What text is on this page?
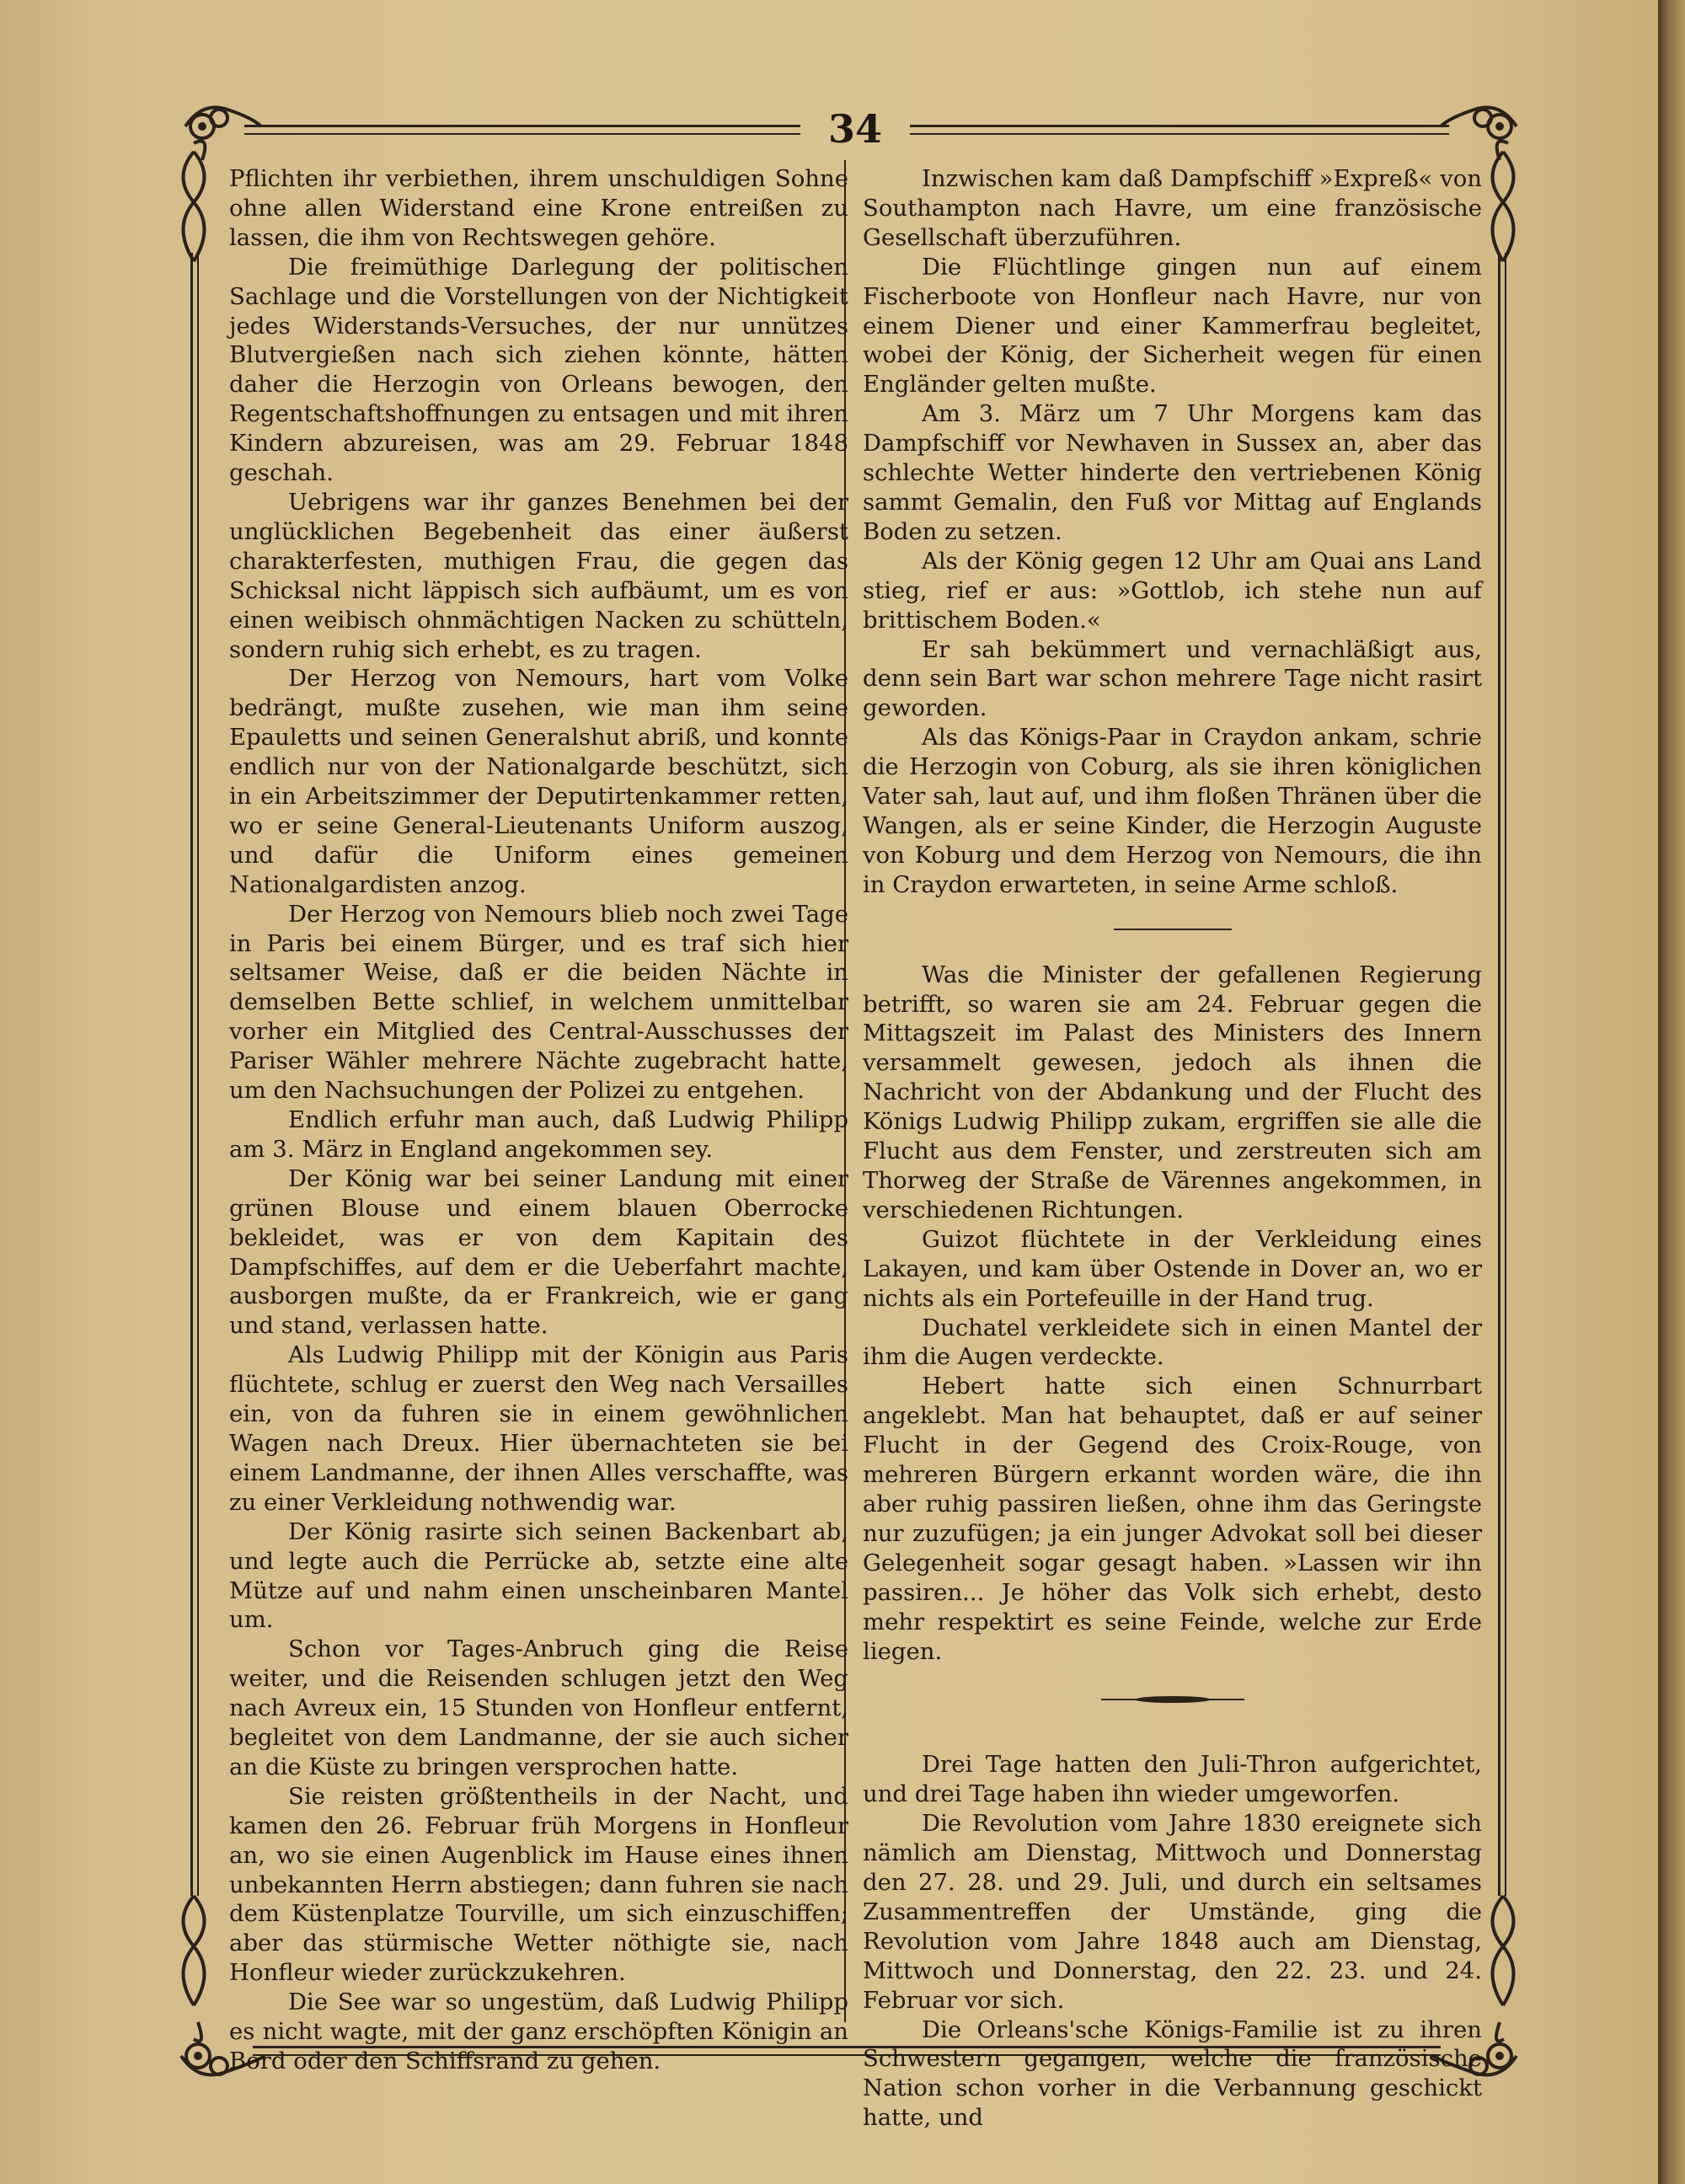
34

Pflichten ihr verbiethen, ihrem unschuldigen Sohne ohne allen Widerstand eine Krone entreißen zu lassen, die ihm von Rechtswegen gehöre.

Die freimüthige Darlegung der politischen Sachlage und die Vorstellungen von der Nichtigkeit jedes Widerstands-Versuches, der nur unnützes Blutvergießen nach sich ziehen könnte, hätten daher die Herzogin von Orleans bewogen, den Regentschaftshoffnungen zu entsagen und mit ihren Kindern abzureisen, was am 29. Februar 1848 geschah.

Uebrigens war ihr ganzes Benehmen bei der unglücklichen Begebenheit das einer äußerst charakterfesten, muthigen Frau, die gegen das Schicksal nicht läppisch sich aufbäumt, um es von einen weibisch ohnmächtigen Nacken zu schütteln, sondern ruhig sich erhebt, es zu tragen.

Der Herzog von Nemours, hart vom Volke bedrängt, mußte zusehen, wie man ihm seine Epauletts und seinen Generalshut abriß, und konnte endlich nur von der Nationalgarde beschützt, sich in ein Arbeitszimmer der Deputirtenkammer retten, wo er seine General-Lieutenants Uniform auszog, und dafür die Uniform eines gemeinen Nationalgardisten anzog.

Der Herzog von Nemours blieb noch zwei Tage in Paris bei einem Bürger, und es traf sich hier seltsamer Weise, daß er die beiden Nächte in demselben Bette schlief, in welchem unmittelbar vorher ein Mitglied des Central-Ausschusses der Pariser Wähler mehrere Nächte zugebracht hatte, um den Nachsuchungen der Polizei zu entgehen.

Endlich erfuhr man auch, daß Ludwig Philipp am 3. März in England angekommen sey.

Der König war bei seiner Landung mit einer grünen Blouse und einem blauen Oberrocke bekleidet, was er von dem Kapitain des Dampfschiffes, auf dem er die Ueberfahrt machte, ausborgen mußte, da er Frankreich, wie er gang und stand, verlassen hatte.

Als Ludwig Philipp mit der Königin aus Paris flüchtete, schlug er zuerst den Weg nach Versailles ein, von da fuhren sie in einem gewöhnlichen Wagen nach Dreux. Hier übernachteten sie bei einem Landmanne, der ihnen Alles verschaffte, was zu einer Verkleidung nothwendig war.

Der König rasirte sich seinen Backenbart ab, und legte auch die Perrücke ab, setzte eine alte Mütze auf und nahm einen unscheinbaren Mantel um.

Schon vor Tages-Anbruch ging die Reise weiter, und die Reisenden schlugen jetzt den Weg nach Avreux ein, 15 Stunden von Honfleur entfernt, begleitet von dem Landmanne, der sie auch sicher an die Küste zu bringen versprochen hatte.

Sie reisten größtentheils in der Nacht, und kamen den 26. Februar früh Morgens in Honfleur an, wo sie einen Augenblick im Hause eines ihnen unbekannten Herrn abstiegen; dann fuhren sie nach dem Küstenplatze Tourville, um sich einzuschiffen; aber das stürmische Wetter nöthigte sie, nach Honfleur wieder zurückzukehren.

Die See war so ungestüm, daß Ludwig Philipp es nicht wagte, mit der ganz erschöpften Königin an Bord oder den Schiffsrand zu gehen.

Inzwischen kam daß Dampfschiff »Expreß« von Southampton nach Havre, um eine französische Gesellschaft überzuführen.

Die Flüchtlinge gingen nun auf einem Fischerboote von Honfleur nach Havre, nur von einem Diener und einer Kammerfrau begleitet, wobei der König, der Sicherheit wegen für einen Engländer gelten mußte.

Am 3. März um 7 Uhr Morgens kam das Dampfschiff vor Newhaven in Sussex an, aber das schlechte Wetter hinderte den vertriebenen König sammt Gemalin, den Fuß vor Mittag auf Englands Boden zu setzen.

Als der König gegen 12 Uhr am Quai ans Land stieg, rief er aus: »Gottlob, ich stehe nun auf brittischem Boden.«

Er sah bekümmert und vernachläßigt aus, denn sein Bart war schon mehrere Tage nicht rasirt geworden.

Als das Königs-Paar in Craydon ankam, schrie die Herzogin von Coburg, als sie ihren königlichen Vater sah, laut auf, und ihm floßen Thränen über die Wangen, als er seine Kinder, die Herzogin Auguste von Koburg und dem Herzog von Nemours, die ihn in Craydon erwarteten, in seine Arme schloß.

Was die Minister der gefallenen Regierung betrifft, so waren sie am 24. Februar gegen die Mittagszeit im Palast des Ministers des Innern versammelt gewesen, jedoch als ihnen die Nachricht von der Abdankung und der Flucht des Königs Ludwig Philipp zukam, ergriffen sie alle die Flucht aus dem Fenster, und zerstreuten sich am Thorweg der Straße de Värennes angekommen, in verschiedenen Richtungen.

Guizot flüchtete in der Verkleidung eines Lakayen, und kam über Ostende in Dover an, wo er nichts als ein Portefeuille in der Hand trug.

Duchatel verkleidete sich in einen Mantel der ihm die Augen verdeckte.

Hebert hatte sich einen Schnurrbart angeklebt. Man hat behauptet, daß er auf seiner Flucht in der Gegend des Croix-Rouge, von mehreren Bürgern erkannt worden wäre, die ihn aber ruhig passiren ließen, ohne ihm das Geringste nur zuzufügen; ja ein junger Advokat soll bei dieser Gelegenheit sogar gesagt haben. »Lassen wir ihn passiren... Je höher das Volk sich erhebt, desto mehr respektirt es seine Feinde, welche zur Erde liegen.

Drei Tage hatten den Juli-Thron aufgerichtet, und drei Tage haben ihn wieder umgeworfen.

Die Revolution vom Jahre 1830 ereignete sich nämlich am Dienstag, Mittwoch und Donnerstag den 27. 28. und 29. Juli, und durch ein seltsames Zusammentreffen der Umstände, ging die Revolution vom Jahre 1848 auch am Dienstag, Mittwoch und Donnerstag, den 22. 23. und 24. Februar vor sich.

Die Orleans'sche Königs-Familie ist zu ihren Schwestern gegangen, welche die französische Nation schon vorher in die Verbannung geschickt hatte, und
